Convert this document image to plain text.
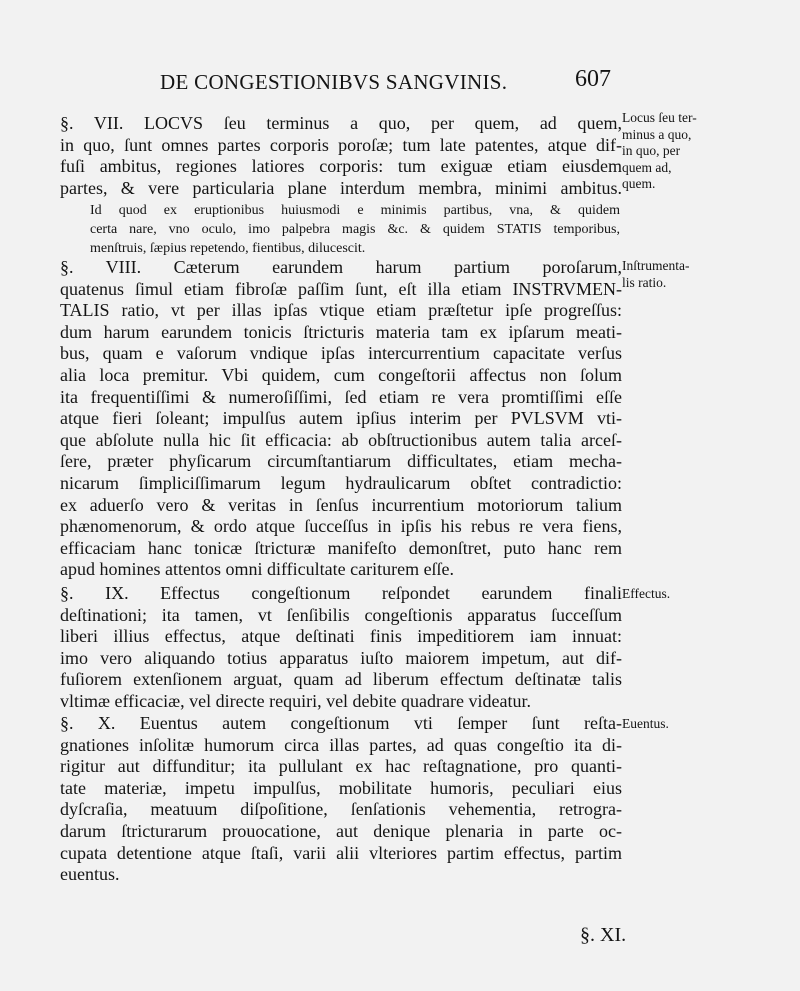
DE CONGESTIONIBVS SANGVINIS.	607
§. VII. LOCVS ſeu terminus a quo, per quem, ad quem,
in quo, ſunt omnes partes corporis poroſæ; tum late patentes, atque dif-
fuſi ambitus, regiones latiores corporis: tum exiguæ etiam eiusdem
partes, & vere particularia plane interdum membra, minimi ambitus.
Id quod ex eruptionibus huiusmodi e minimis partibus, vna, & quidem
certa nare, vno oculo, imo palpebra magis &c. & quidem STATIS temporibus,
menſtruis, ſæpius repetendo, fientibus, dilucescit.
§. VIII. Cæterum earundem harum partium poroſarum,
quatenus ſimul etiam fibroſæ paſſim ſunt, eſt illa etiam INSTRVMEN-
TALIS ratio, vt per illas ipſas vtique etiam præſtetur ipſe progreſſus:
dum harum earundem tonicis ſtricturis materia tam ex ipſarum meati-
bus, quam e vaſorum vndique ipſas intercurrentium capacitate verſus
alia loca premitur. Vbi quidem, cum congeſtorii affectus non ſolum
ita frequentiſſimi & numeroſiſſimi, ſed etiam re vera promtiſſimi eſſe
atque fieri ſoleant; impulſus autem ipſius interim per PVLSVM vti-
que abſolute nulla hic ſit efficacia: ab obſtructionibus autem talia arceſ-
ſere, præter phyſicarum circumſtantiarum difficultates, etiam mecha-
nicarum ſimpliciſſimarum legum hydraulicarum obſtet contradictio:
ex aduerſo vero & veritas in ſenſus incurrentium motoriorum talium
phænomenorum, & ordo atque ſucceſſus in ipſis his rebus re vera fiens,
efficaciam hanc tonicæ ſtricturæ manifeſto demonſtret, puto hanc rem
apud homines attentos omni difficultate cariturem eſſe.
§. IX. Effectus congeſtionum reſpondet earundem finali
deſtinationi; ita tamen, vt ſenſibilis congeſtionis apparatus ſucceſſum
liberi illius effectus, atque deſtinati finis impeditiorem iam innuat:
imo vero aliquando totius apparatus iuſto maiorem impetum, aut dif-
fuſiorem extenſionem arguat, quam ad liberum effectum deſtinatæ talis
vltimæ efficaciæ, vel directe requiri, vel debite quadrare videatur.
§. X. Euentus autem congeſtionum vti ſemper ſunt reſta-
gnationes inſolitæ humorum circa illas partes, ad quas congeſtio ita di-
rigitur aut diffunditur; ita pullulant ex hac reſtagnatione, pro quanti-
tate materiæ, impetu impulſus, mobilitate humoris, peculiari eius
dyſcraſia, meatuum diſpoſitione, ſenſationis vehementia, retrogra-
darum ſtricturarum prouocatione, aut denique plenaria in parte oc-
cupata detentione atque ſtaſi, varii alii vlteriores partim effectus, partim
euentus.
Locus ſeu ter-
minus a quo,
in quo, per
quem ad,
quem.
Inſtrumenta-
lis ratio.
Effectus.
Euentus.
§. XI.
